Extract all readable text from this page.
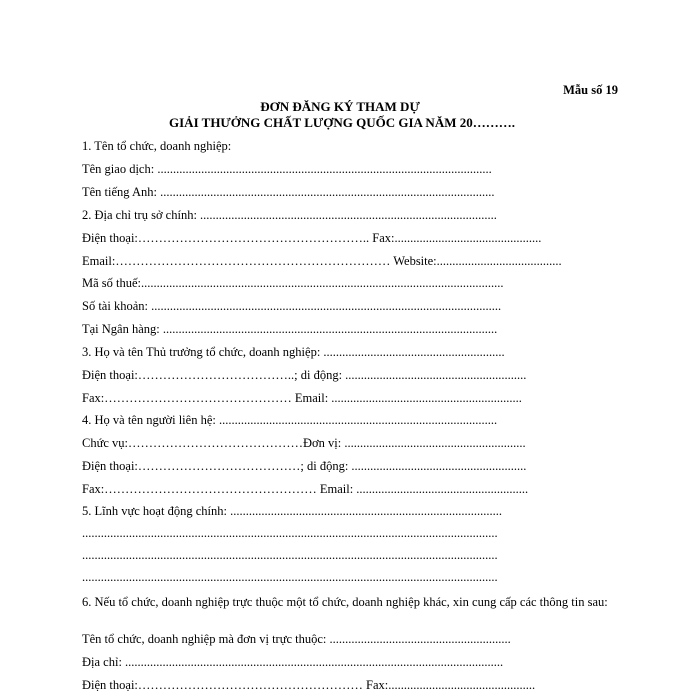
Mẫu số 19
ĐƠN ĐĂNG KÝ THAM DỰ
GIẢI THƯỞNG CHẤT LƯỢNG QUỐC GIA NĂM 20……….
1. Tên tổ chức, doanh nghiệp:
Tên giao dịch: ...........................................................................................................
Tên tiếng Anh: ...........................................................................................................
2. Địa chỉ trụ sở chính: ...............................................................................................
Điện thoại:……………………………………………….. Fax:...............................................
Email:………………………………………………………… Website:........................................
Mã số thuế:....................................................................................................................
Số tài khoản: ................................................................................................................
Tại Ngân hàng: ...........................................................................................................
3. Họ và tên Thủ trưởng tổ chức, doanh nghiệp: ..........................................................
Điện thoại:………………………………..; di động: ..........................................................
Fax:……………………………………… Email: .............................................................
4. Họ và tên người liên hệ: .........................................................................................
Chức vụ:……………………………………Đơn vị: ..........................................................
Điện thoại:…………………………………; di động: ........................................................
Fax:…………………………………………… Email: .......................................................
5. Lĩnh vực hoạt động chính: .......................................................................................
.....................................................................................................................................
.....................................................................................................................................
.....................................................................................................................................
6. Nếu tổ chức, doanh nghiệp trực thuộc một tổ chức, doanh nghiệp khác, xin cung cấp các thông tin sau:
Tên tổ chức, doanh nghiệp mà đơn vị trực thuộc: ..........................................................
Địa chỉ: .........................................................................................................................
Điện thoại:……………………………………………… Fax:...............................................
